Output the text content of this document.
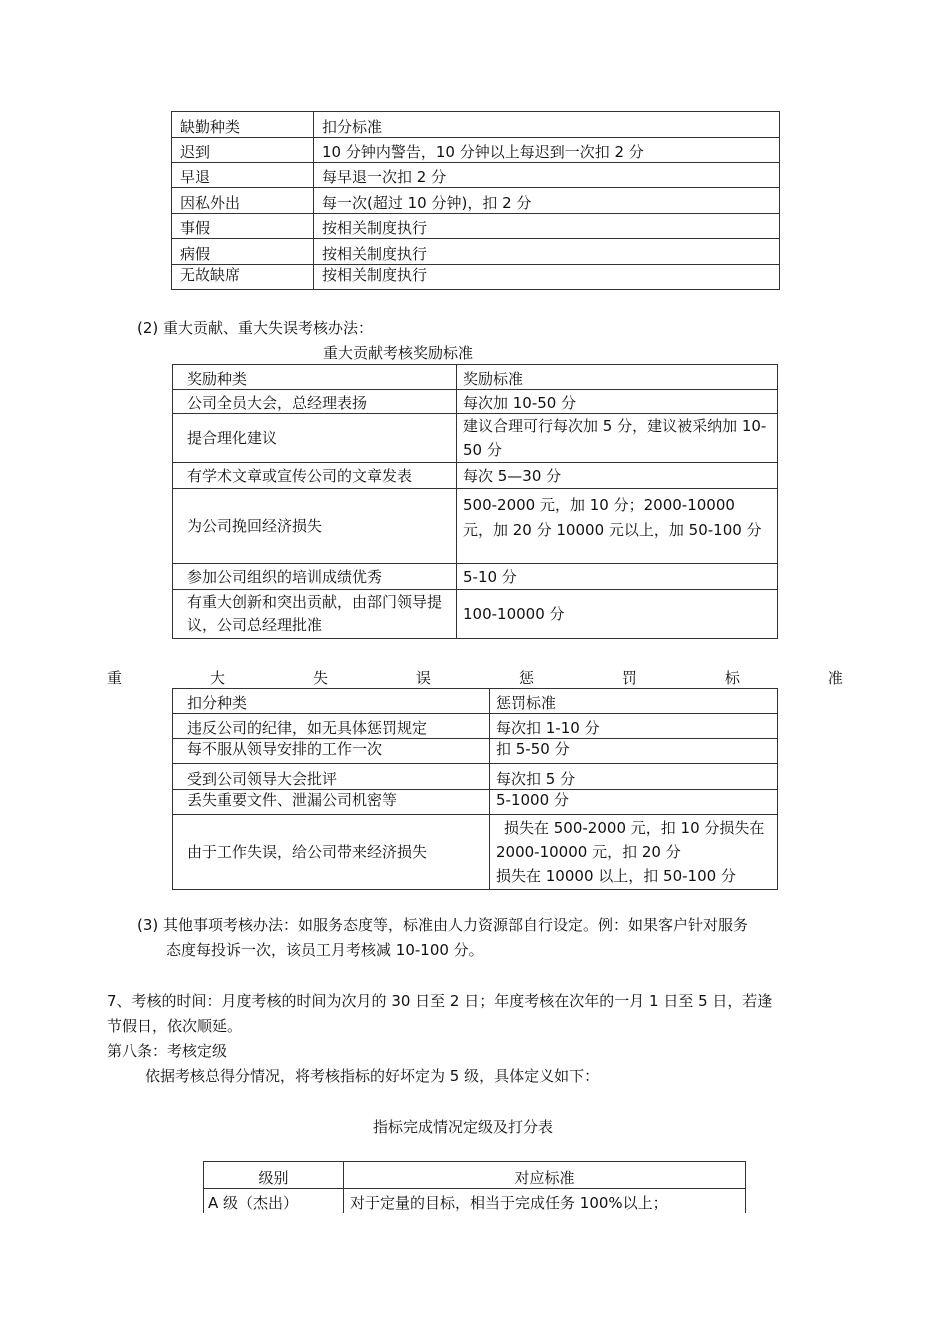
缺勤种类	扣分标准
迟到	10 分钟内警告，10 分钟以上每迟到一次扣 2 分
早退	每早退一次扣 2 分
因私外出	每一次(超过 10 分钟)，扣 2 分
事假	按相关制度执行
病假	按相关制度执行
无故缺席	按相关制度执行
(2) 重大贡献、重大失误考核办法：
重大贡献考核奖励标准
奖励种类	奖励标准
公司全员大会，总经理表扬	每次加 10-50 分
提合理化建议	建议合理可行每次加 5 分，建议被采纳加 10-50 分
有学术文章或宣传公司的文章发表	每次 5—30 分
为公司挽回经济损失	500-2000 元，加 10 分；2000-10000 元，加 20 分 10000 元以上，加 50-100 分
参加公司组织的培训成绩优秀	5-10 分
有重大创新和突出贡献，由部门领导提议，公司总经理批准	100-10000 分
重	大	失	误	惩	罚	标	准
扣分种类	惩罚标准
违反公司的纪律，如无具体惩罚规定	每次扣 1-10 分
每不服从领导安排的工作一次	扣 5-50 分
受到公司领导大会批评	每次扣 5 分
丢失重要文件、泄漏公司机密等	5-1000 分
由于工作失误，给公司带来经济损失	损失在 500-2000 元，扣 10 分损失在 2000-10000 元，扣 20 分
损失在 10000 以上，扣 50-100 分
(3) 其他事项考核办法：如服务态度等，标准由人力资源部自行设定。例：如果客户针对服务
态度每投诉一次，该员工月考核减 10-100 分。
7、考核的时间：月度考核的时间为次月的 30 日至 2 日；年度考核在次年的一月 1 日至 5 日，若逢
节假日，依次顺延。
第八条：考核定级
依据考核总得分情况，将考核指标的好坏定为 5 级，具体定义如下：
指标完成情况定级及打分表
级别	对应标准
A 级（杰出）	对于定量的目标，相当于完成任务 100%以上；
